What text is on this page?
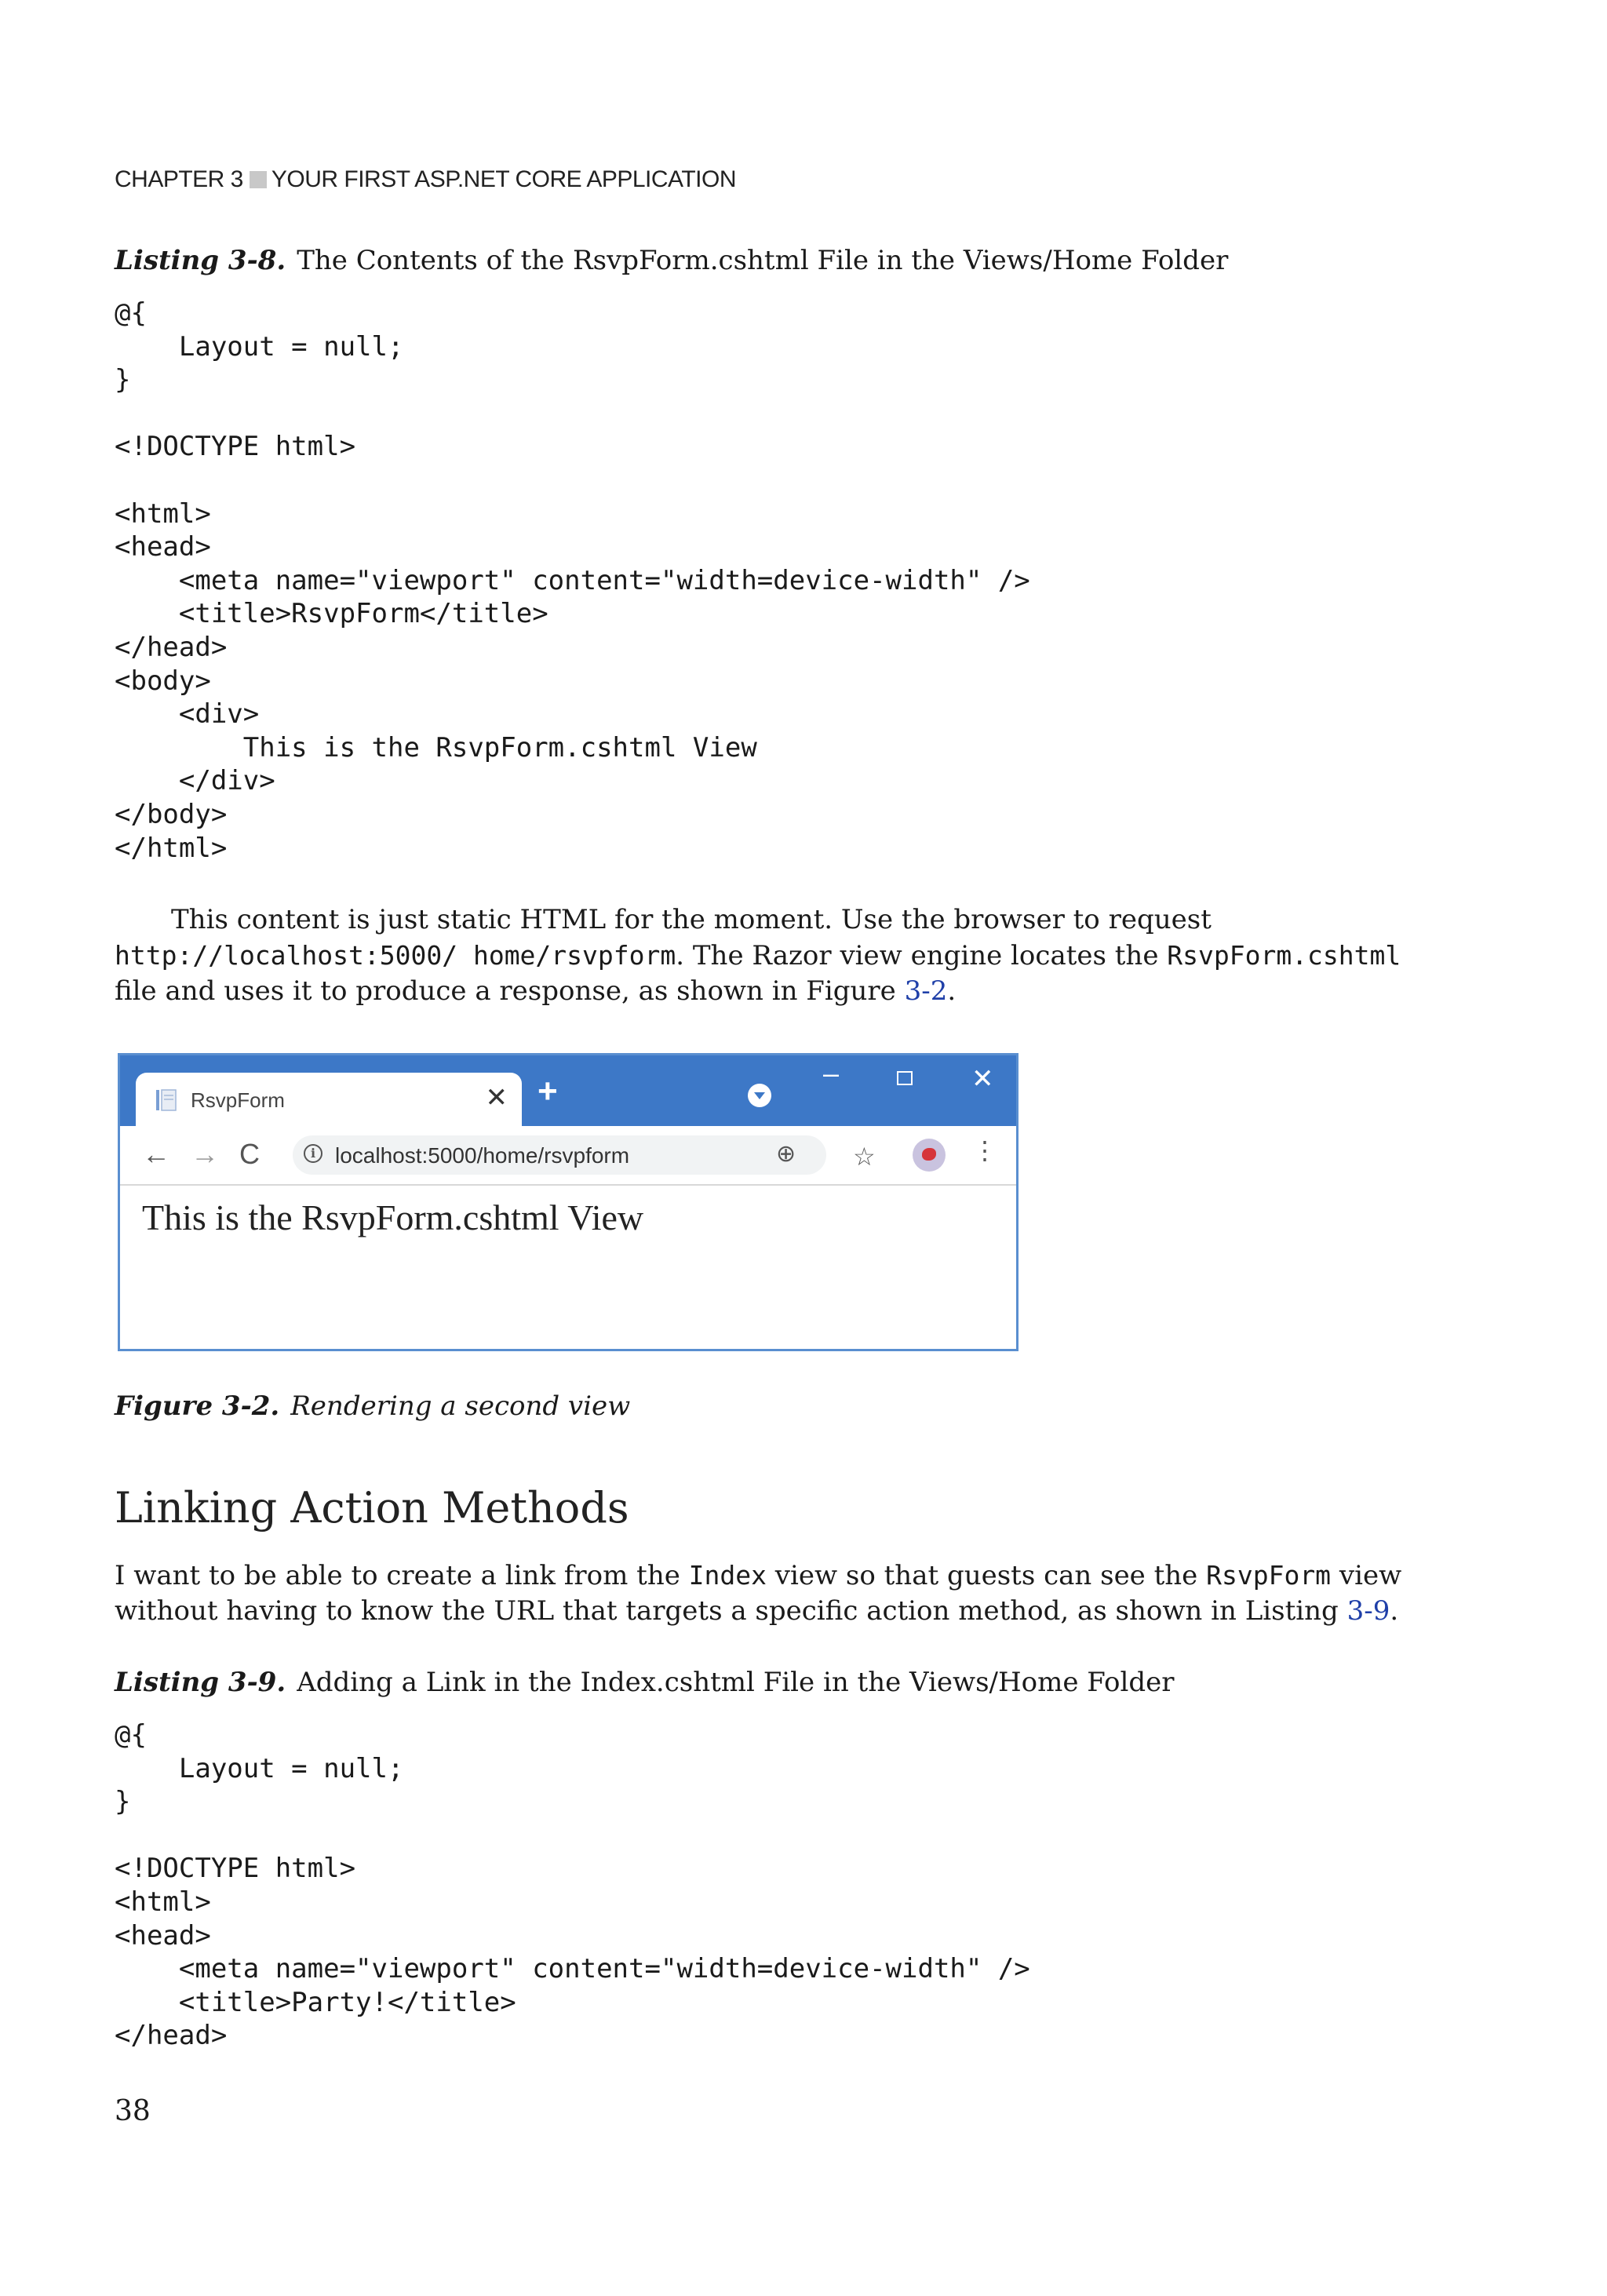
CHAPTER 3 YOUR FIRST ASP.NET CORE APPLICATION
Listing 3-8. The Contents of the RsvpForm.cshtml File in the Views/Home Folder
@{
Layout = null;
}

<!DOCTYPE html>

<html>
<head>
<meta name="viewport" content="width=device-width" />
<title>RsvpForm</title>
</head>
<body>
<div>
This is the RsvpForm.cshtml View
</div>
</body>
</html>

This content is just static HTML for the moment. Use the browser to request http://localhost:5000/ home/rsvpform. The Razor view engine locates the RsvpForm.cshtml file and uses it to produce a response, as shown in Figure 3-2.

RsvpForm	✕ +	–	✕
← → C	i localhost:5000/home/rsvpform	⊕ ☆	⋮
This is the RsvpForm.cshtml View
Figure 3-2. Rendering a second view
Linking Action Methods

I want to be able to create a link from the Index view so that guests can see the RsvpForm view without having to know the URL that targets a specific action method, as shown in Listing 3-9.

Listing 3-9. Adding a Link in the Index.cshtml File in the Views/Home Folder
@{
Layout = null;
}

<!DOCTYPE html>
<html>
<head>
<meta name="viewport" content="width=device-width" />
<title>Party!</title>
</head>
38
